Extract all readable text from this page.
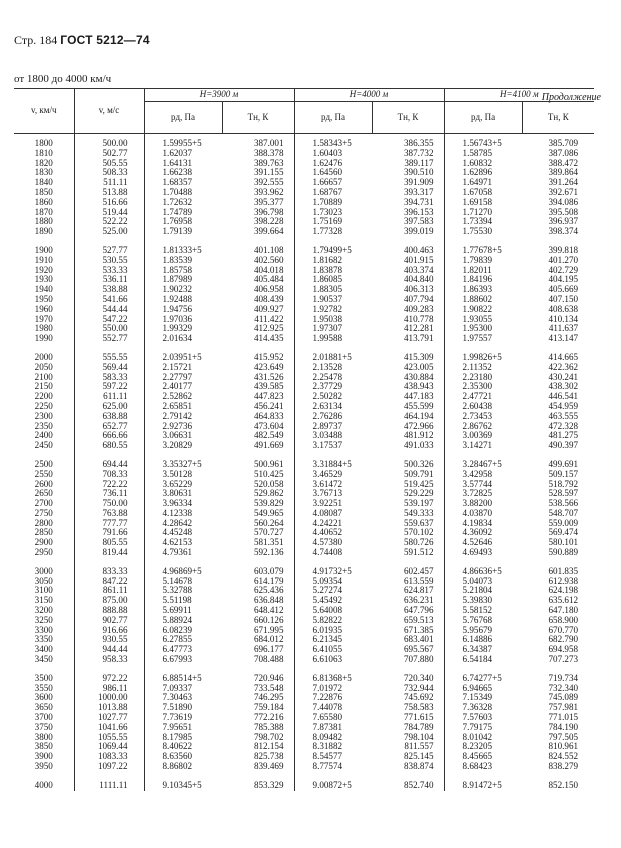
Стр. 184 ГОСТ 5212—74
Продолжение
от 1800 до 4000 км/ч
v, км/ч	v, м/с	H=3900 м		H=4000 м		H=4100 м	
		pд, Па	Tн, К	pд, Па	Tн, К	pд, Па	Tн, К
1800	500.00	1.59955+5	387.001	1.58343+5	386.355	1.56743+5	385.709
1810	502.77	1.62037	388.378	1.60403	387.732	1.58785	387.086
1820	505.55	1.64131	389.763	1.62476	389.117	1.60832	388.472
1830	508.33	1.66238	391.155	1.64560	390.510	1.62896	389.864
1840	511.11	1.68357	392.555	1.66657	391.909	1.64971	391.264
1850	513.88	1.70488	393.962	1.68767	393.317	1.67058	392.671
1860	516.66	1.72632	395.377	1.70889	394.731	1.69158	394.086
1870	519.44	1.74789	396.798	1.73023	396.153	1.71270	395.508
1880	522.22	1.76958	398.228	1.75169	397.583	1.73394	396.937
1890	525.00	1.79139	399.664	1.77328	399.019	1.75530	398.374

1900	527.77	1.81333+5	401.108	1.79499+5	400.463	1.77678+5	399.818
1910	530.55	1.83539	402.560	1.81682	401.915	1.79839	401.270
1920	533.33	1.85758	404.018	1.83878	403.374	1.82011	402.729
1930	536.11	1.87989	405.484	1.86085	404.840	1.84196	404.195
1940	538.88	1.90232	406.958	1.88305	406.313	1.86393	405.669
1950	541.66	1.92488	408.439	1.90537	407.794	1.88602	407.150
1960	544.44	1.94756	409.927	1.92782	409.283	1.90822	408.638
1970	547.22	1.97036	411.422	1.95038	410.778	1.93055	410.134
1980	550.00	1.99329	412.925	1.97307	412.281	1.95300	411.637
1990	552.77	2.01634	414.435	1.99588	413.791	1.97557	413.147

2000	555.55	2.03951+5	415.952	2.01881+5	415.309	1.99826+5	414.665
2050	569.44	2.15721	423.649	2.13528	423.005	2.11352	422.362
2100	583.33	2.27797	431.526	2.25478	430.884	2.23180	430.241
2150	597.22	2.40177	439.585	2.37729	438.943	2.35300	438.302
2200	611.11	2.52862	447.823	2.50282	447.183	2.47721	446.541
2250	625.00	2.65851	456.241	2.63134	455.599	2.60438	454.959
2300	638.88	2.79142	464.833	2.76286	464.194	2.73453	463.555
2350	652.77	2.92736	473.604	2.89737	472.966	2.86762	472.328
2400	666.66	3.06631	482.549	3.03488	481.912	3.00369	481.275
2450	680.55	3.20829	491.669	3.17537	491.033	3.14271	490.397

2500	694.44	3.35327+5	500.961	3.31884+5	500.326	3.28467+5	499.691
2550	708.33	3.50128	510.425	3.46529	509.791	3.42958	509.157
2600	722.22	3.65229	520.058	3.61472	519.425	3.57744	518.792
2650	736.11	3.80631	529.862	3.76713	529.229	3.72825	528.597
2700	750.00	3.96334	539.829	3.92251	539.197	3.88200	538.566
2750	763.88	4.12338	549.965	4.08087	549.333	4.03870	548.707
2800	777.77	4.28642	560.264	4.24221	559.637	4.19834	559.009
2850	791.66	4.45248	570.727	4.40652	570.102	4.36092	569.474
2900	805.55	4.62153	581.351	4.57380	580.726	4.52646	580.101
2950	819.44	4.79361	592.136	4.74408	591.512	4.69493	590.889

3000	833.33	4.96869+5	603.079	4.91732+5	602.457	4.86636+5	601.835
3050	847.22	5.14678	614.179	5.09354	613.559	5.04073	612.938
3100	861.11	5.32788	625.436	5.27274	624.817	5.21804	624.198
3150	875.00	5.51198	636.848	5.45492	636.231	5.39830	635.612
3200	888.88	5.69911	648.412	5.64008	647.796	5.58152	647.180
3250	902.77	5.88924	660.126	5.82822	659.513	5.76768	658.900
3300	916.66	6.08239	671.995	6.01935	671.385	5.95679	670.770
3350	930.55	6.27855	684.012	6.21345	683.401	6.14886	682.790
3400	944.44	6.47773	696.177	6.41055	695.567	6.34387	694.958
3450	958.33	6.67993	708.488	6.61063	707.880	6.54184	707.273

3500	972.22	6.88514+5	720.946	6.81368+5	720.340	6.74277+5	719.734
3550	986.11	7.09337	733.548	7.01972	732.944	6.94665	732.340
3600	1000.00	7.30463	746.295	7.22876	745.692	7.15349	745.089
3650	1013.88	7.51890	759.184	7.44078	758.583	7.36328	757.981
3700	1027.77	7.73619	772.216	7.65580	771.615	7.57603	771.015
3750	1041.66	7.95651	785.388	7.87381	784.789	7.79175	784.190
3800	1055.55	8.17985	798.702	8.09482	798.104	8.01042	797.505
3850	1069.44	8.40622	812.154	8.31882	811.557	8.23205	810.961
3900	1083.33	8.63560	825.738	8.54577	825.145	8.45665	824.552
3950	1097.22	8.86802	839.469	8.77574	838.874	8.68423	838.279

4000	1111.11	9.10345+5	853.329	9.00872+5	852.740	8.91472+5	852.150
